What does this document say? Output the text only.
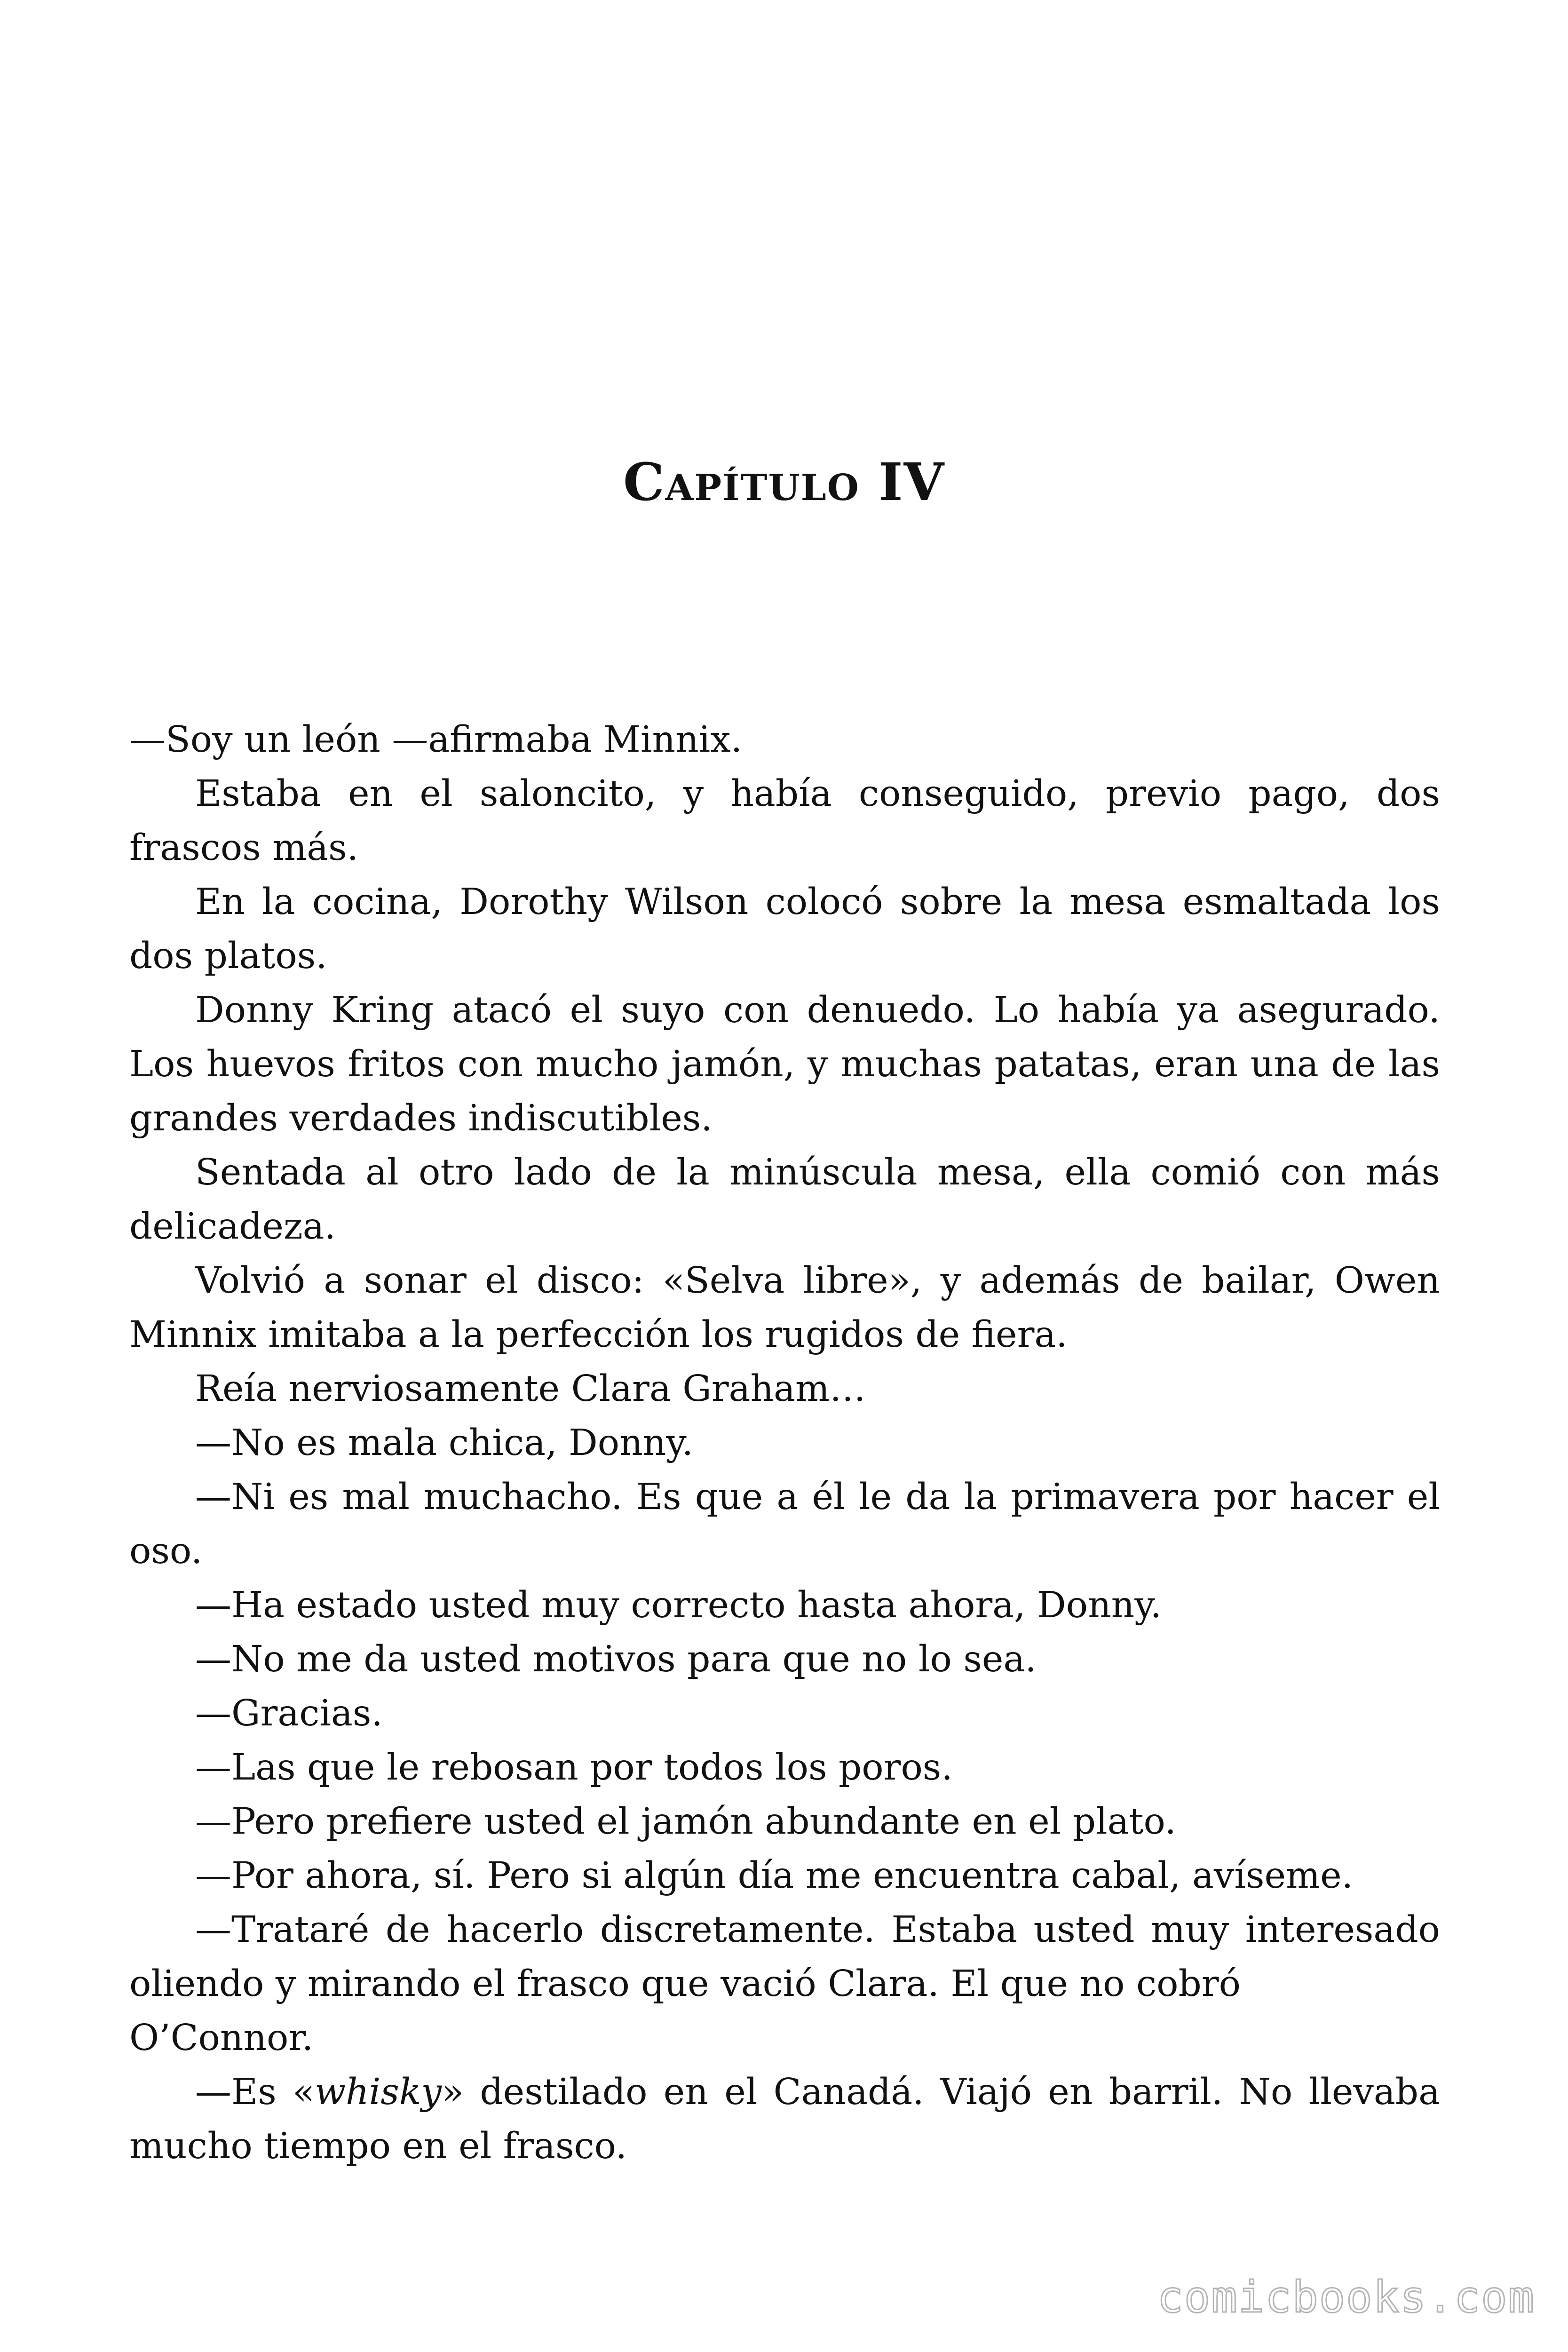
Capítulo IV

—Soy un león —afirmaba Minnix.

Estaba en el saloncito, y había conseguido, previo pago, dos frascos más.

En la cocina, Dorothy Wilson colocó sobre la mesa esmaltada los dos platos.

Donny Kring atacó el suyo con denuedo. Lo había ya asegurado. Los huevos fritos con mucho jamón, y muchas patatas, eran una de las grandes verdades indiscutibles.

Sentada al otro lado de la minúscula mesa, ella comió con más delicadeza.

Volvió a sonar el disco: «Selva libre», y además de bailar, Owen Minnix imitaba a la perfección los rugidos de fiera.

Reía nerviosamente Clara Graham…

—No es mala chica, Donny.

—Ni es mal muchacho. Es que a él le da la primavera por hacer el oso.

—Ha estado usted muy correcto hasta ahora, Donny.

—No me da usted motivos para que no lo sea.

—Gracias.

—Las que le rebosan por todos los poros.

—Pero prefiere usted el jamón abundante en el plato.

—Por ahora, sí. Pero si algún día me encuentra cabal, avíseme.

—Trataré de hacerlo discretamente. Estaba usted muy interesado oliendo y mirando el frasco que vació Clara. El que no cobró

O’Connor.

—Es «whisky» destilado en el Canadá. Viajó en barril. No llevaba mucho tiempo en el frasco.

comicbooks.com
